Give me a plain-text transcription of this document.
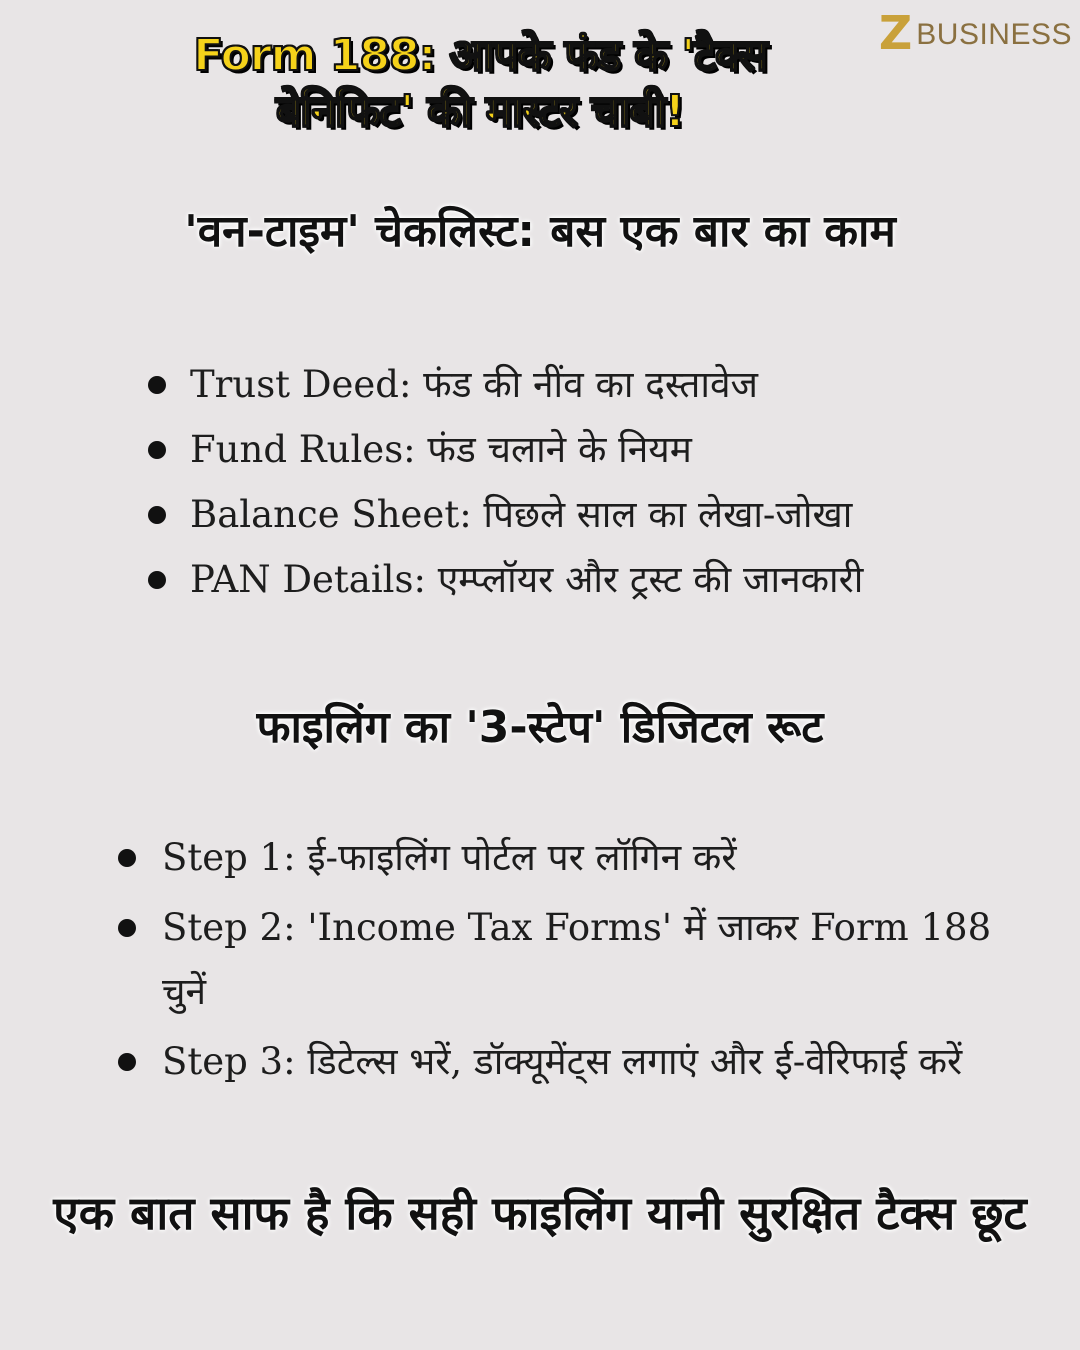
Z BUSINESS
Form 188: आपके फंड के 'टैक्स
बेनिफिट' की मास्टर चाबी!
'वन-टाइम' चेकलिस्ट: बस एक बार का काम
Trust Deed: फंड की नींव का दस्तावेज
Fund Rules: फंड चलाने के नियम
Balance Sheet: पिछले साल का लेखा-जोखा
PAN Details: एम्प्लॉयर और ट्रस्ट की जानकारी
फाइलिंग का '3-स्टेप' डिजिटल रूट
Step 1: ई-फाइलिंग पोर्टल पर लॉगिन करें
Step 2: 'Income Tax Forms' में जाकर Form 188 चुनें
Step 3: डिटेल्स भरें, डॉक्यूमेंट्स लगाएं और ई-वेरिफाई करें

एक बात साफ है कि सही फाइलिंग यानी सुरक्षित टैक्स छूट
